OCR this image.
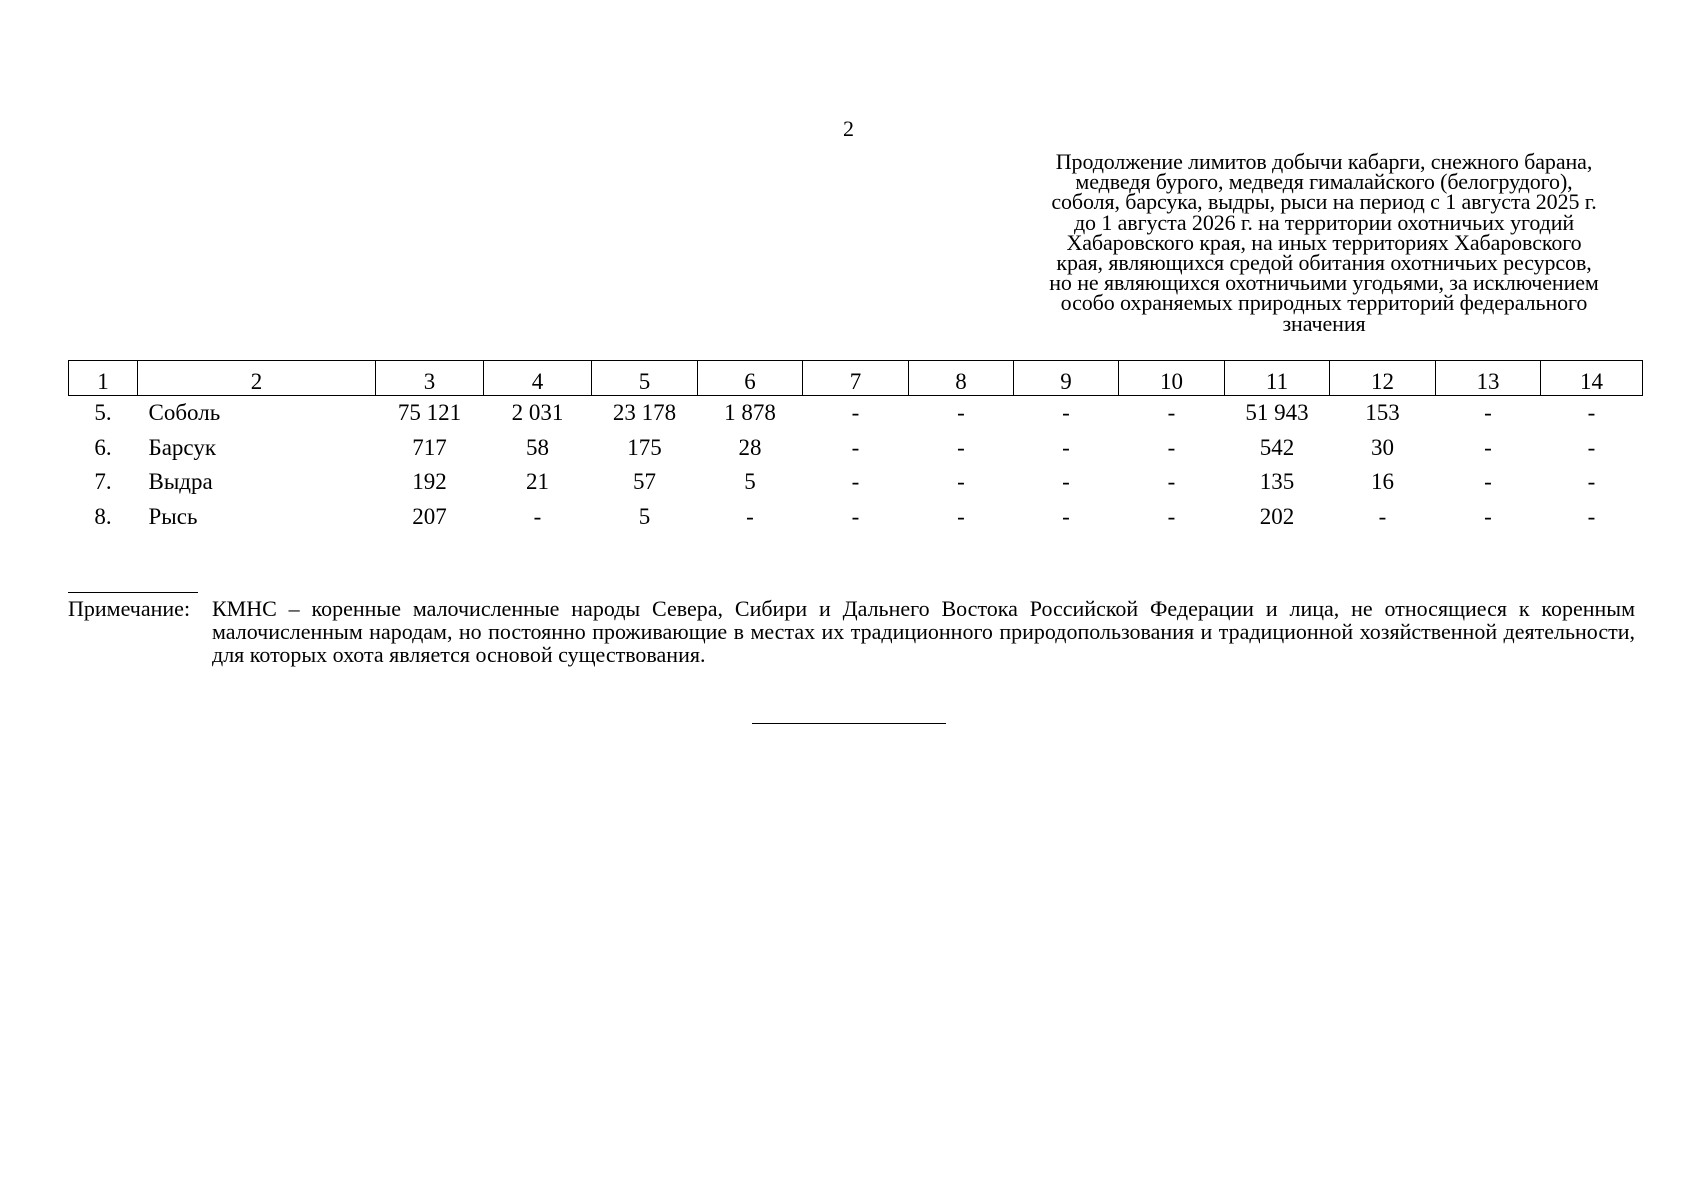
2
Продолжение лимитов добычи кабарги, снежного барана,
медведя бурого, медведя гималайского (белогрудого),
соболя, барсука, выдры, рыси на период с 1 августа 2025 г.
до 1 августа 2026 г. на территории охотничьих угодий
Хабаровского края, на иных территориях Хабаровского
края, являющихся средой обитания охотничьих ресурсов,
но не являющихся охотничьими угодьями, за исключением
особо охраняемых природных территорий федерального
значения
1	2	3	4	5	6	7	8	9	10	11	12	13	14
5.	Соболь	75 121	2 031	23 178	1 878	-	-	-	-	51 943	153	-	-
6.	Барсук	717	58	175	28	-	-	-	-	542	30	-	-
7.	Выдра	192	21	57	5	-	-	-	-	135	16	-	-
8.	Рысь	207	-	5	-	-	-	-	-	202	-	-	-
Примечание: КМНС – коренные малочисленные народы Севера, Сибири и Дальнего Востока Российской Федерации и лица, не относящиеся к коренным малочисленным народам, но постоянно проживающие в местах их традиционного природопользования и традиционной хозяйственной деятельности, для которых охота является основой существования.
